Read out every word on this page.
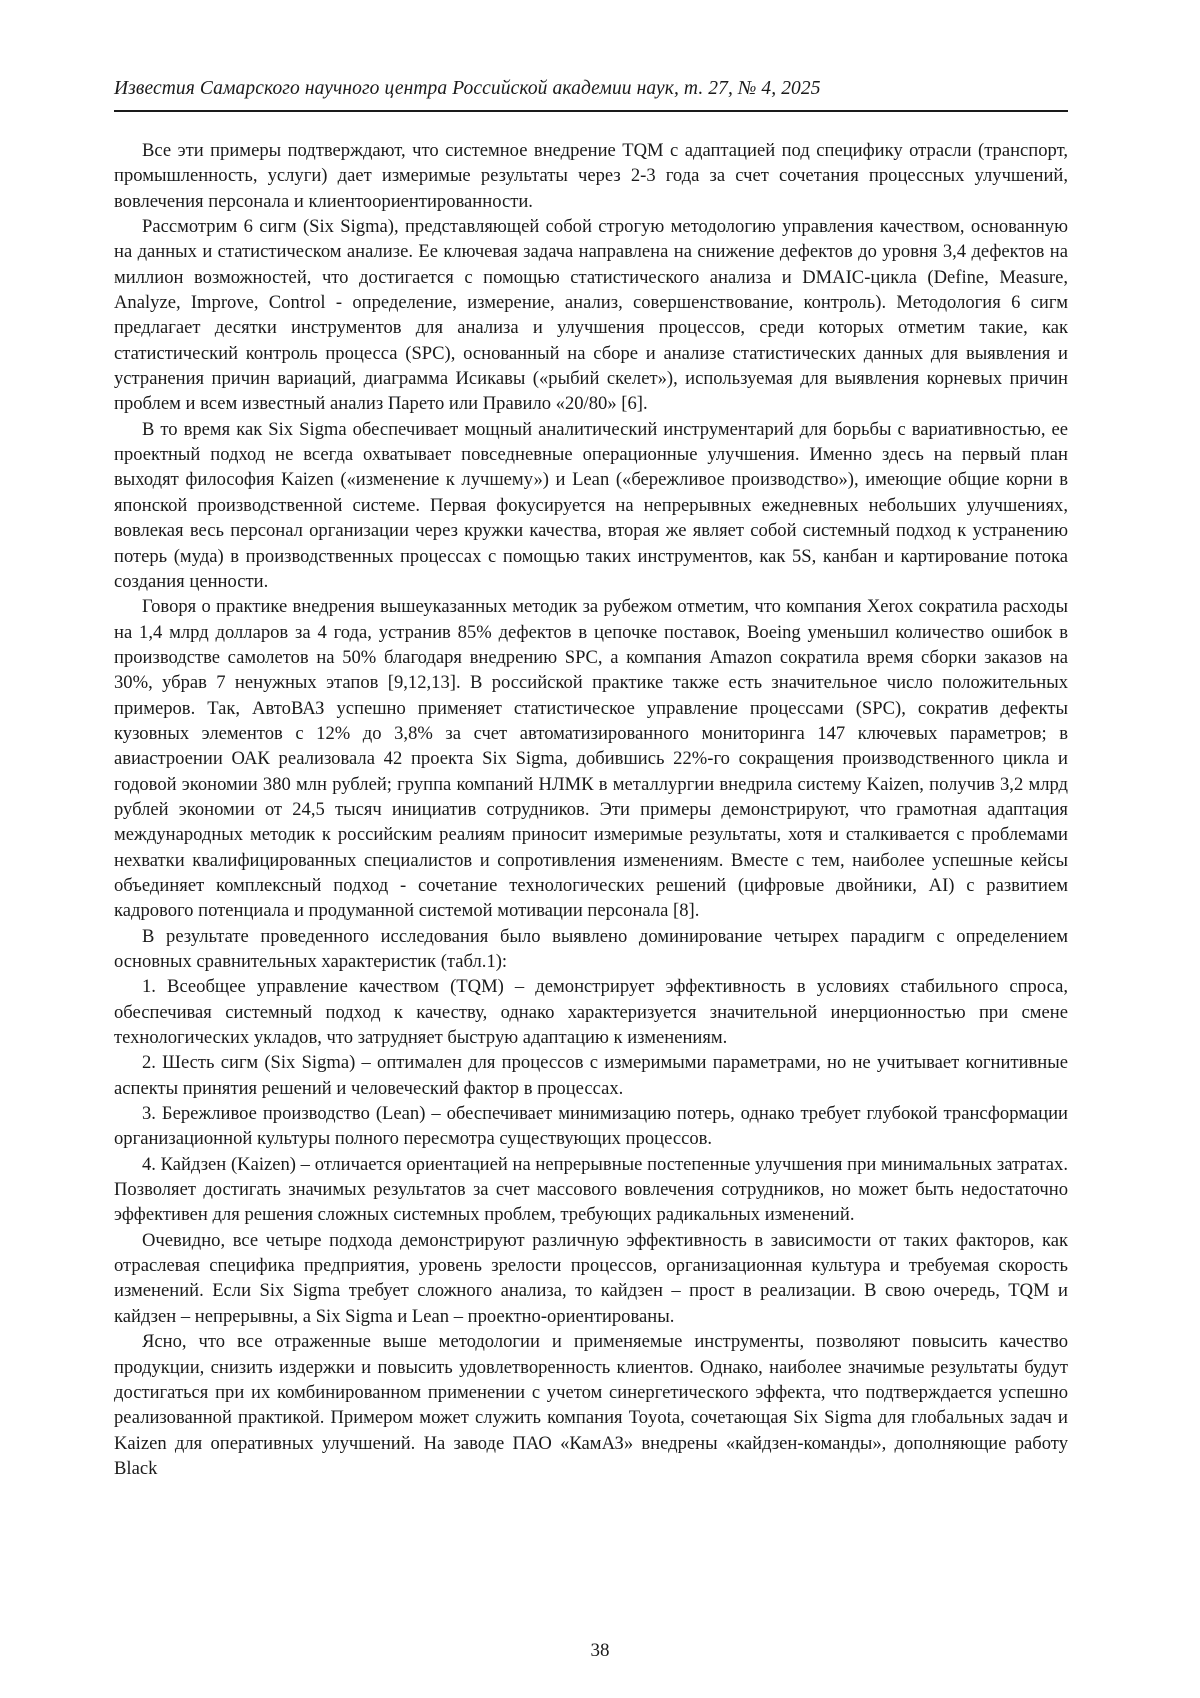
Известия Самарского научного центра Российской академии наук, т. 27, № 4, 2025

Все эти примеры подтверждают, что системное внедрение TQM с адаптацией под специфику отрасли (транспорт, промышленность, услуги) дает измеримые результаты через 2-3 года за счет сочетания процессных улучшений, вовлечения персонала и клиентоориентированности.

Рассмотрим 6 сигм (Six Sigma), представляющей собой строгую методологию управления каче­ством, основанную на данных и статистическом анализе. Ее ключевая задача направлена на сни­жение дефектов до уровня 3,4 дефектов на миллион возможностей, что достигается с помощью статистического анализа и DMAIC-цикла (Define, Measure, Analyze, Improve, Control - определение, измерение, анализ, совершенствование, контроль). Методология 6 сигм предлагает десятки инстру­ментов для анализа и улучшения процессов, среди которых отметим такие, как статистический контроль процесса (SPC), основанный на сборе и анализе статистических данных для выявления и устранения причин вариаций, диаграмма Исикавы («рыбий скелет»), используемая для выявления корневых причин проблем и всем известный анализ Парето или Правило «20/80» [6].

В то время как Six Sigma обеспечивает мощный аналитический инструментарий для борьбы с вариативностью, ее проектный подход не всегда охватывает повседневные операционные улучше­ния. Именно здесь на первый план выходят философия Kaizen («изменение к лучшему») и Lean («бе­режливое производство»), имеющие общие корни в японской производственной системе. Первая фокусируется на непрерывных ежедневных небольших улучшениях, вовлекая весь персонал орга­низации через кружки качества, вторая же являет собой системный подход к устранению потерь (муда) в производственных процессах с помощью таких инструментов, как 5S, канбан и картирова­ние потока создания ценности.

Говоря о практике внедрения вышеуказанных методик за рубежом отметим, что компания Xerox сократила расходы на 1,4 млрд долларов за 4 года, устранив 85% дефектов в цепочке поставок, Boeing уменьшил количество ошибок в производстве самолетов на 50% благодаря внедрению SPC, а компания Amazon сократила время сборки заказов на 30%, убрав 7 ненужных этапов [9,12,13]. В рос­сийской практике также есть значительное число положительных примеров. Так, АвтоВАЗ успешно применяет статистическое управление процессами (SPC), сократив дефекты кузовных элементов с 12% до 3,8% за счет автоматизированного мониторинга 147 ключевых параметров; в авиастроении ОАК реализовала 42 проекта Six Sigma, добившись 22%-го сокращения производственного цикла и годовой экономии 380 млн рублей; группа компаний НЛМК в металлургии внедрила систему Kaizen, получив 3,2 млрд рублей экономии от 24,5 тысяч инициатив сотрудников. Эти примеры демонстри­руют, что грамотная адаптация международных методик к российским реалиям приносит измери­мые результаты, хотя и сталкивается с проблемами нехватки квалифицированных специалистов и сопротивления изменениям. Вместе с тем, наиболее успешные кейсы объединяет комплексный подход - сочетание технологических решений (цифровые двойники, AI) с развитием кадрового по­тенциала и продуманной системой мотивации персонала [8].

В результате проведенного исследования было выявлено доминирование четырех парадигм с определением основных сравнительных характеристик (табл.1):

1. Всеобщее управление качеством (TQM) – демонстрирует эффективность в условиях стабильного спроса, обеспечивая системный подход к качеству, однако характеризуется значительной инерцион­ностью при смене технологических укладов, что затрудняет быструю адаптацию к изменениям.

2. Шесть сигм (Six Sigma) – оптимален для процессов с измеримыми параметрами, но не учиты­вает когнитивные аспекты принятия решений и человеческий фактор в процессах.

3. Бережливое производство (Lean) – обеспечивает минимизацию потерь, однако требует глу­бокой трансформации организационной культуры полного пересмотра существующих процессов.

4. Кайдзен (Kaizen) – отличается ориентацией на непрерывные постепенные улучшения при минимальных затратах. Позволяет достигать значимых результатов за счет массового вовлечения сотрудников, но может быть недостаточно эффективен для решения сложных системных проблем, требующих радикальных изменений.

Очевидно, все четыре подхода демонстрируют различную эффективность в зависимости от та­ких факторов, как отраслевая специфика предприятия, уровень зрелости процессов, организацион­ная культура и требуемая скорость изменений. Если Six Sigma требует сложного анализа, то кайдзен – прост в реализации. В свою очередь, TQM и кайдзен – непрерывны, а Six Sigma и Lean – проектно-ориентированы.

Ясно, что все отраженные выше методологии и применяемые инструменты, позволяют по­высить качество продукции, снизить издержки и повысить удовлетворенность клиентов. Однако, наиболее значимые результаты будут достигаться при их комбинированном применении с учетом синергетического эффекта, что подтверждается успешно реализованной практикой. Примером мо­жет служить компания Toyota, сочетающая Six Sigma для глобальных задач и Kaizen для оператив­ных улучшений. На заводе ПАО «КамАЗ» внедрены «кайдзен-команды», дополняющие работу Black

38
